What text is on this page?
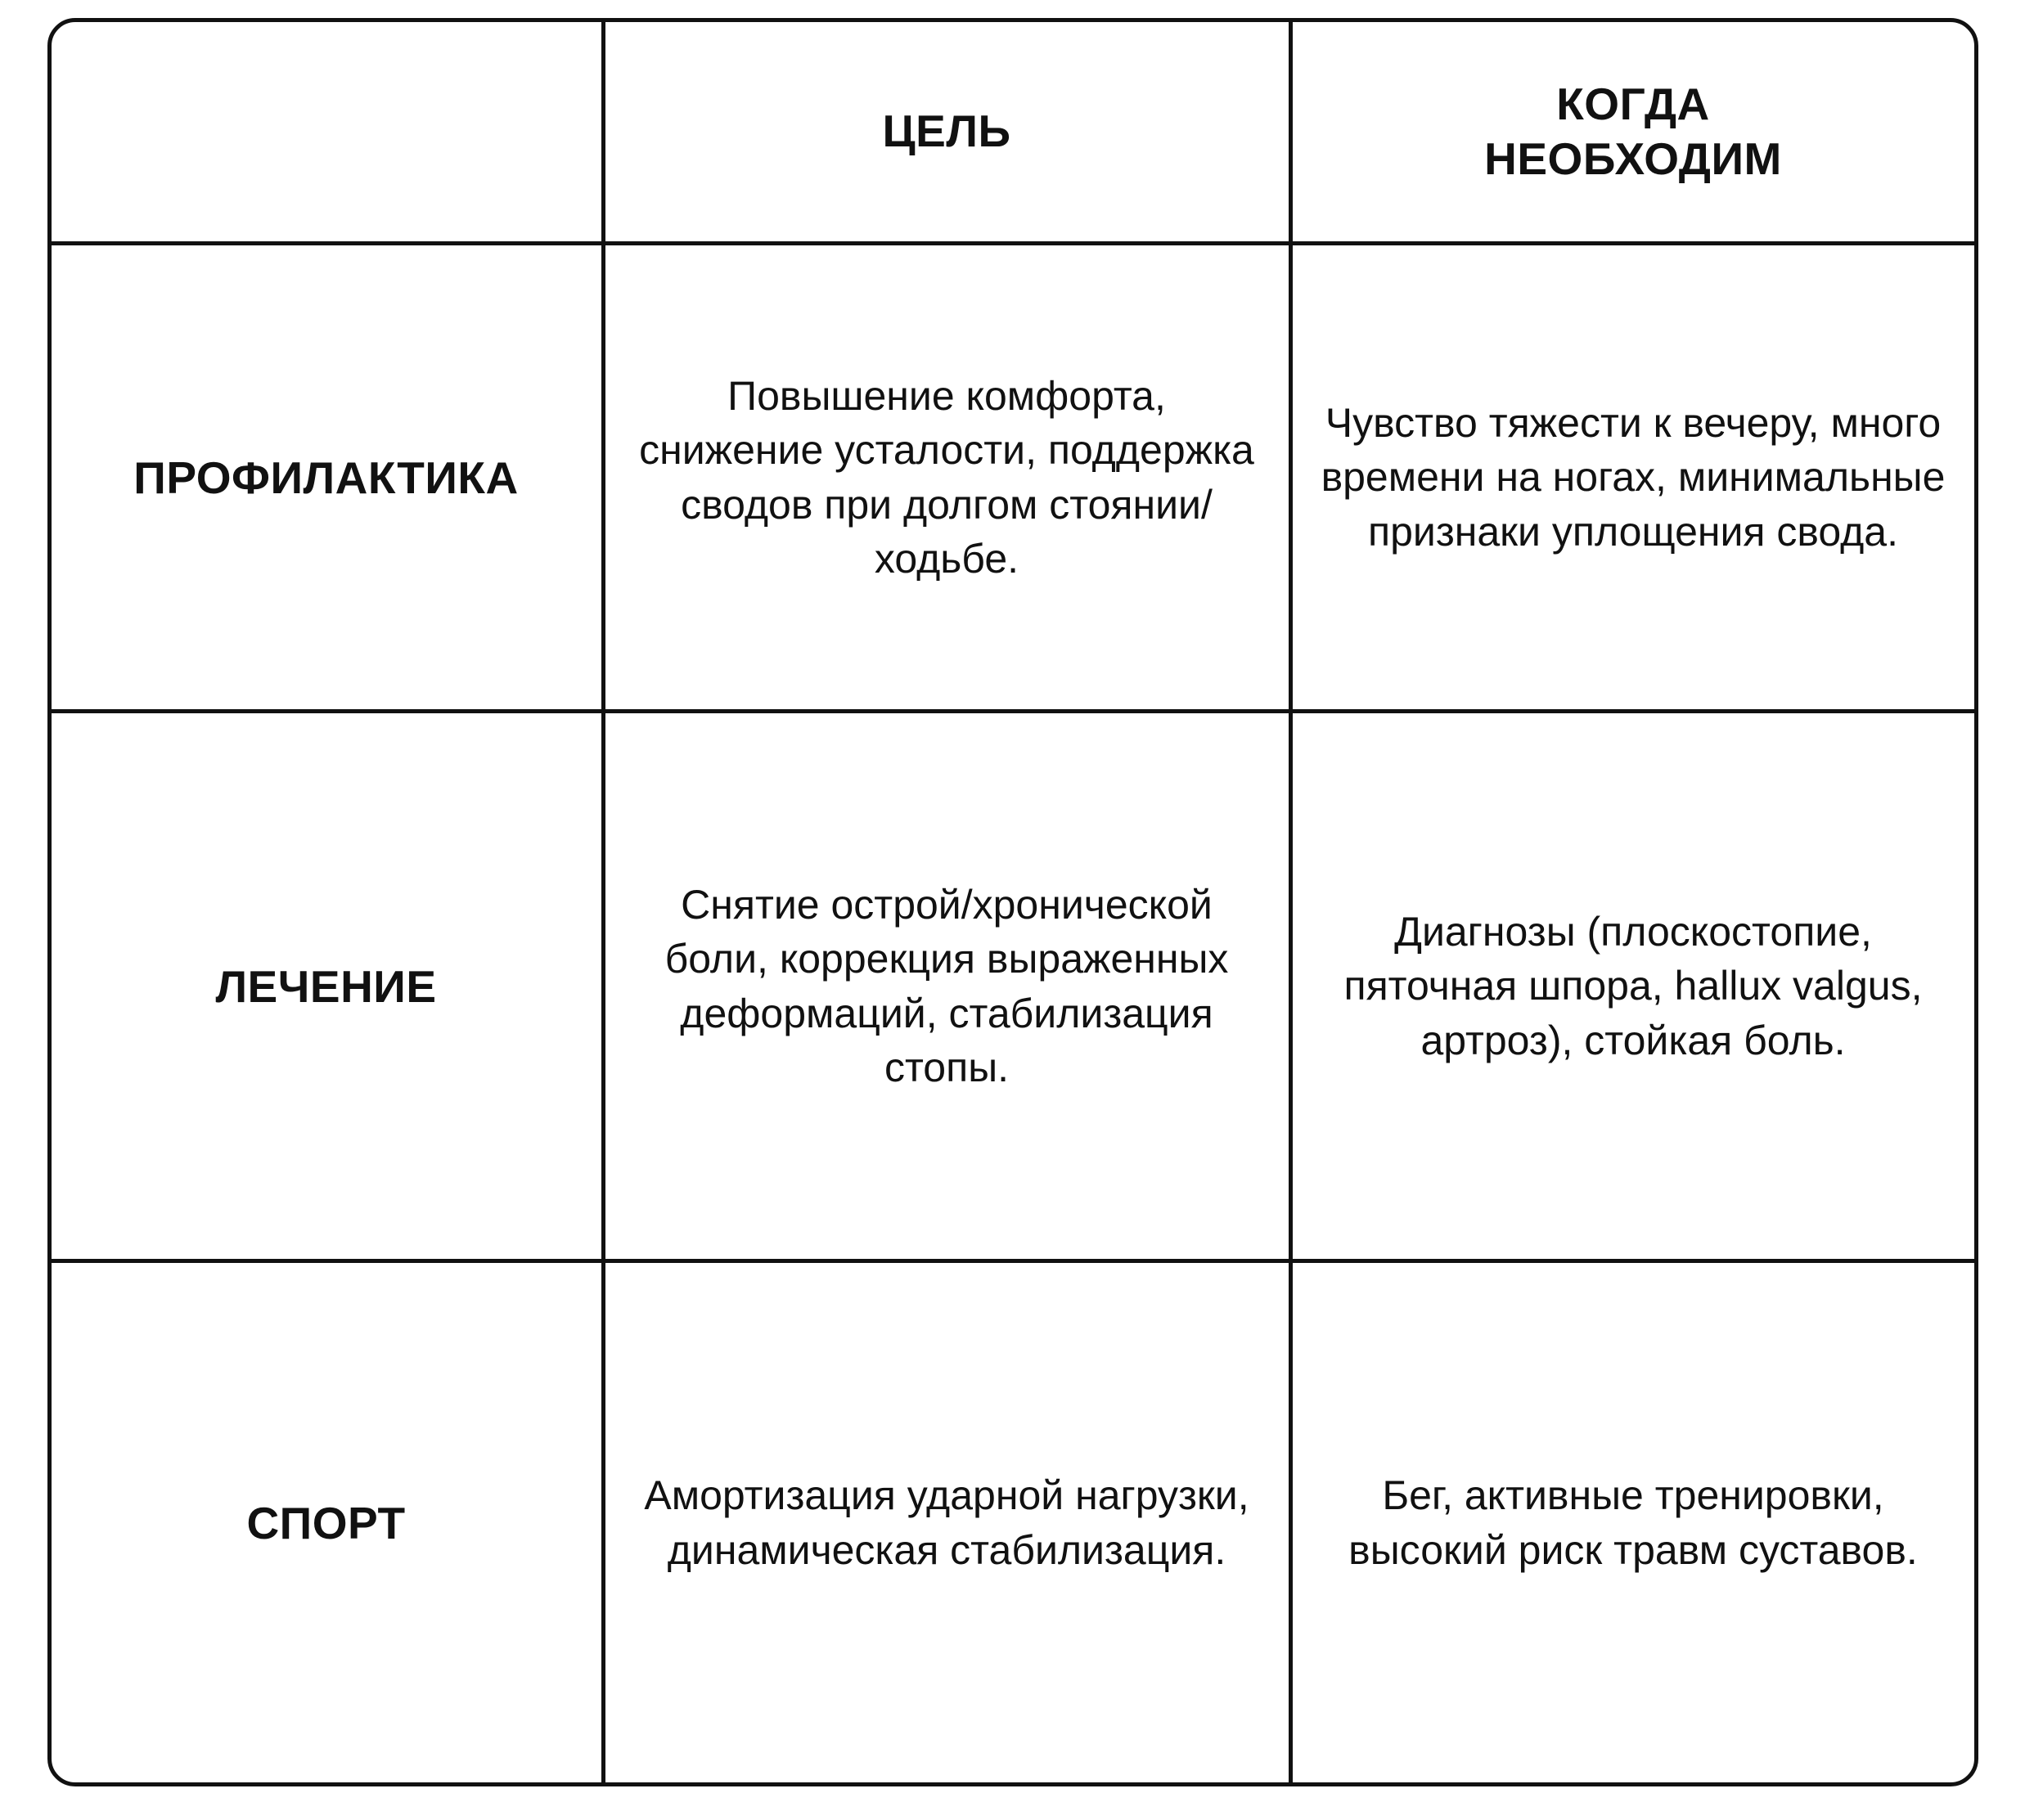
	ЦЕЛЬ	КОГДА
НЕОБХОДИМ
ПРОФИЛАКТИКА	Повышение комфорта, снижение усталости, поддержка сводов при долгом стоянии/ходьбе.	Чувство тяжести к вечеру, много времени на ногах, минимальные признаки уплощения свода.
ЛЕЧЕНИЕ	Снятие острой/хронической боли, коррекция выраженных деформаций, стабилизация стопы.	Диагнозы (плоскостопие, пяточная шпора, hallux valgus, артроз), стойкая боль.
СПОРТ	Амортизация ударной нагрузки, динамическая стабилизация.	Бег, активные тренировки, высокий риск травм суставов.
